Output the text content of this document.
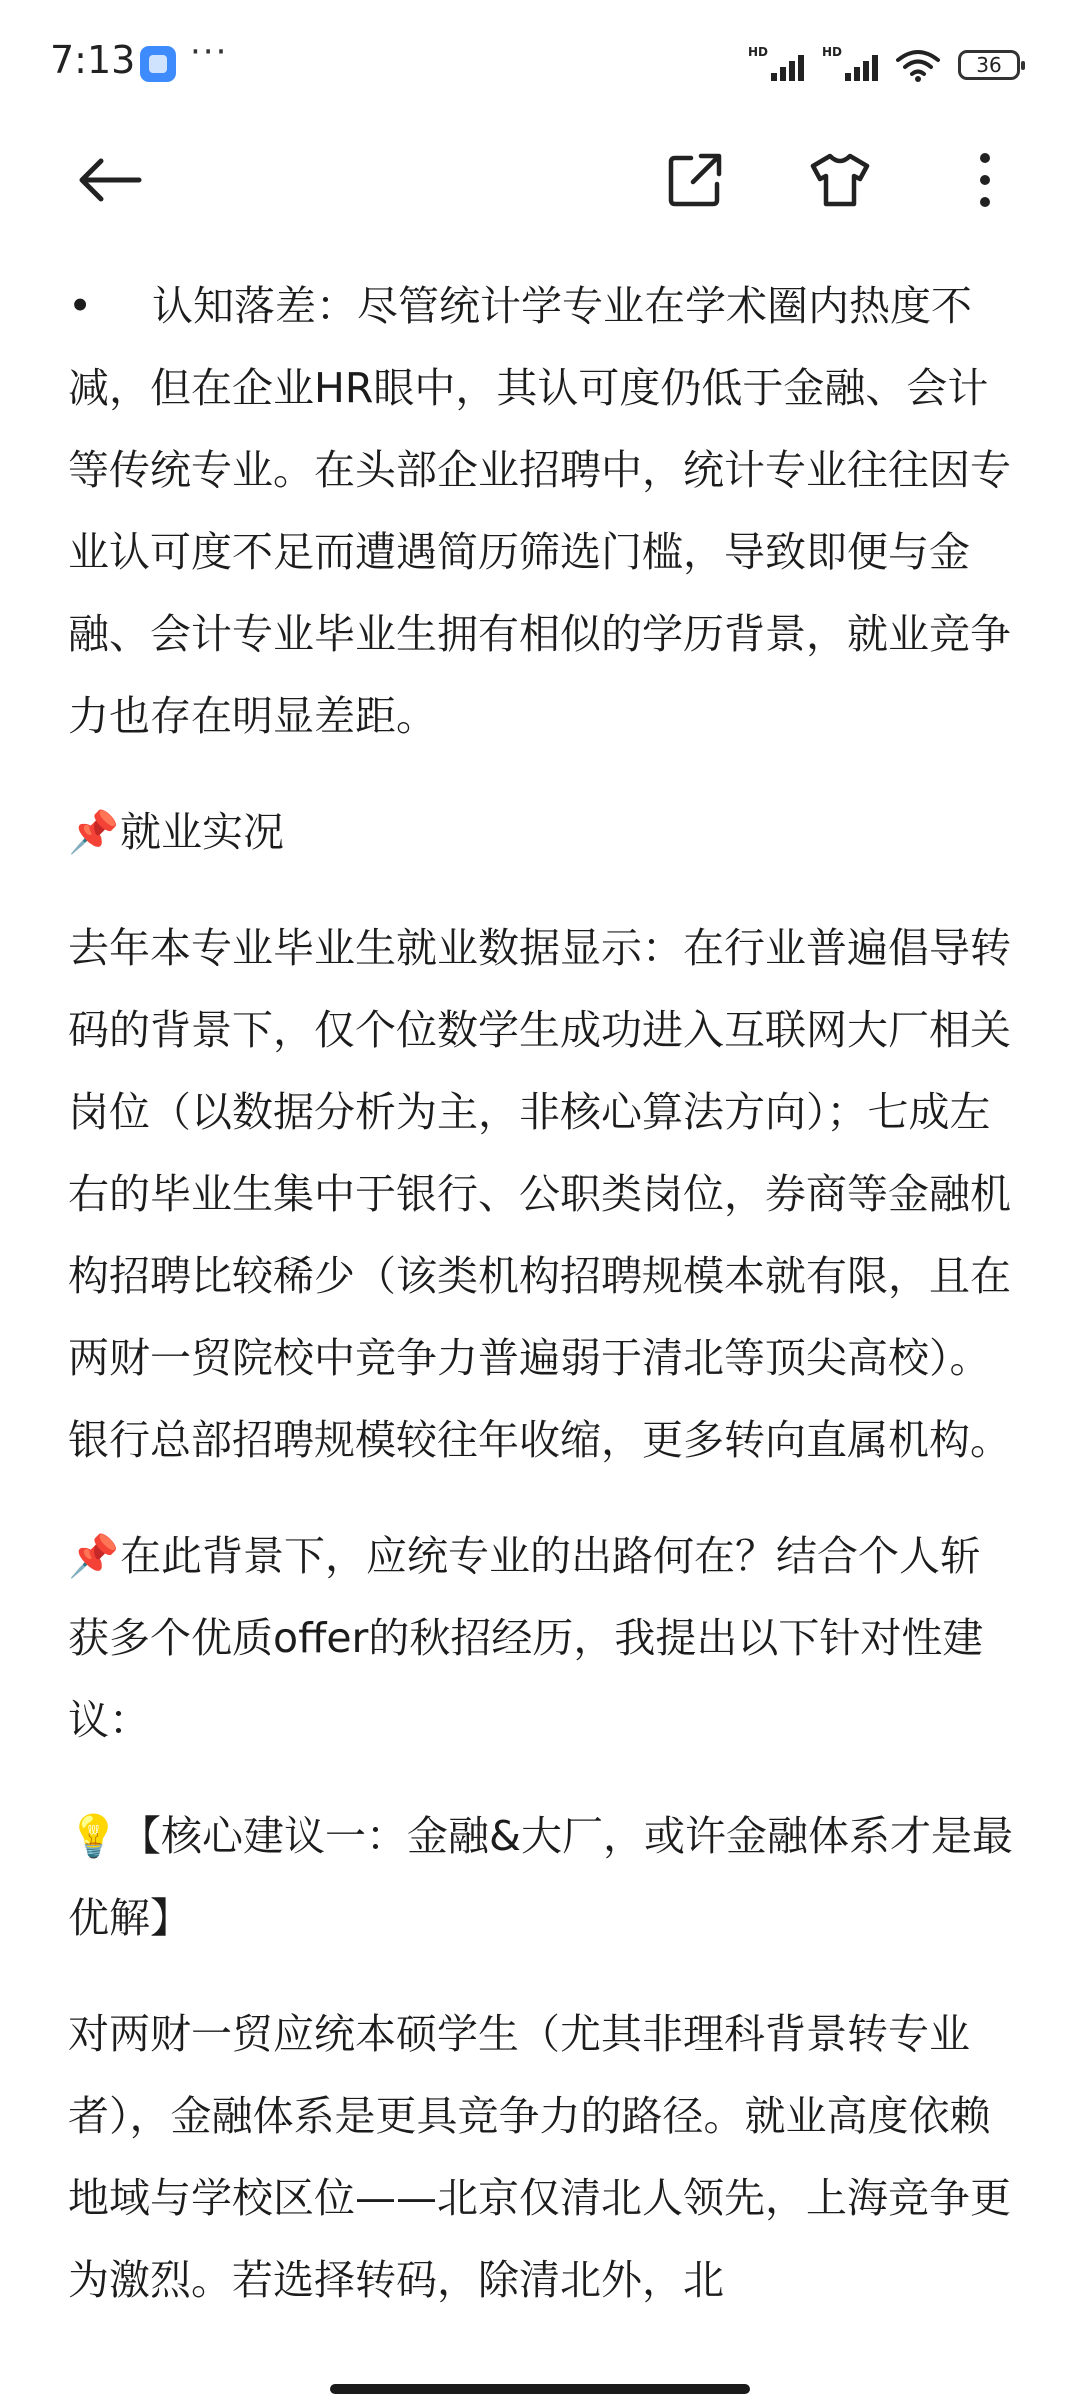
7:13 ···	HD	HD
36

• 认知落差：尽管统计学专业在学术圈内热度不减，但在企业HR眼中，其认可度仍低于金融、会计等传统专业。在头部企业招聘中，统计专业往往因专业认可度不足而遭遇简历筛选门槛，导致即便与金融、会计专业毕业生拥有相似的学历背景，就业竞争力也存在明显差距。

📌就业实况

去年本专业毕业生就业数据显示：在行业普遍倡导转码的背景下，仅个位数学生成功进入互联网大厂相关岗位（以数据分析为主，非核心算法方向）；七成左右的毕业生集中于银行、公职类岗位，券商等金融机构招聘比较稀少（该类机构招聘规模本就有限，且在两财一贸院校中竞争力普遍弱于清北等顶尖高校）。银行总部招聘规模较往年收缩，更多转向直属机构。

📌在此背景下，应统专业的出路何在？结合个人斩获多个优质offer的秋招经历，我提出以下针对性建议：

💡【核心建议一：金融&大厂，或许金融体系才是最优解】

对两财一贸应统本硕学生（尤其非理科背景转专业者），金融体系是更具竞争力的路径。就业高度依赖地域与学校区位——北京仅清北人领先，上海竞争更为激烈。若选择转码，除清北外，北
